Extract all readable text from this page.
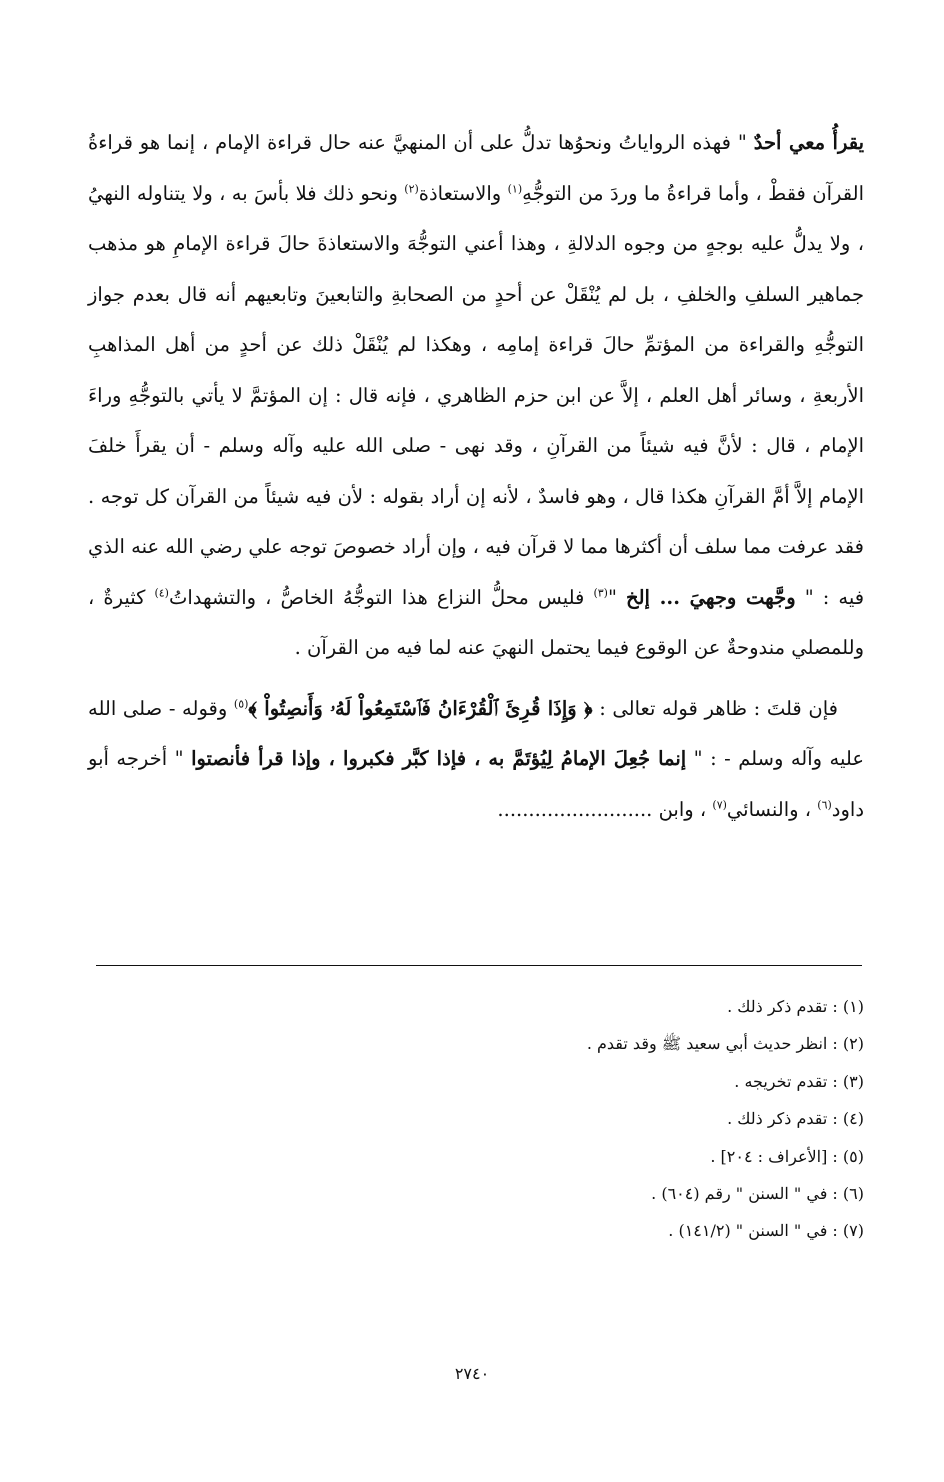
يقرأُ معي أحدٌ " فهذه الرواياتُ ونحوُها تدلُّ على أن المنهيَّ عنه حال قراءة الإمام ، إنما هو قراءةُ القرآن فقطْ ، وأما قراءةُ ما وردَ من التوجُّهِ$^{(١)}$ والاستعاذة$^{(٢)}$ ونحو ذلك فلا بأسَ به ، ولا يتناوله النهيُ ، ولا يدلُّ عليه بوجهٍ من وجوه الدلالةِ ، وهذا أعني التوجُّهَ والاستعاذةَ حالَ قراءة الإمامِ هو مذهب جماهير السلفِ والخلفِ ، بل لم يُنْقَلْ عن أحدٍ من الصحابةِ والتابعينَ وتابعيهم أنه قال بعدم جواز التوجُّهِ والقراءة من المؤتمِّ حالَ قراءة إمامِه ، وهكذا لم يُنْقَلْ ذلك عن أحدٍ من أهل المذاهبِ الأربعةِ ، وسائر أهل العلم ، إلاَّ عن ابن حزم الظاهري ، فإنه قال : إن المؤتمَّ لا يأتي بالتوجُّهِ وراءَ الإمام ، قال : لأنَّ فيه شيئاً من القرآنِ ، وقد نهى - صلى الله عليه وآله وسلم - أن يقرأَ خلفَ الإمام إلاَّ أمَّ القرآنِ هكذا قال ، وهو فاسدٌ ، لأنه إن أراد بقوله : لأن فيه شيئاً من القرآن كل توجه . فقد عرفت مما سلف أن أكثرها مما لا قرآن فيه ، وإن أراد خصوصَ توجه علي رضي الله عنه الذي فيه : " وجَّهت وجهيَ ... إلخ "$^{(٣)}$ فليس محلُّ النزاع هذا التوجُّهُ الخاصُّ ، والتشهداتُ$^{(٤)}$ كثيرةٌ ، وللمصلي مندوحةٌ عن الوقوع فيما يحتمل النهيَ عنه لما فيه من القرآن .

فإن قلتَ : ظاهر قوله تعالى : ﴿ وَإِذَا قُرِئَ ٱلْقُرْءَانُ فَٱسْتَمِعُواْ لَهُۥ وَأَنصِتُواْ ﴾$^{(٥)}$ وقوله - صلى الله عليه وآله وسلم - : " إنما جُعِلَ الإمامُ لِيُؤتَمَّ به ، فإذا كبَّر فكبروا ، وإذا قرأ فأنصتوا " أخرجه أبو داود$^{(٦)}$ ، والنسائي$^{(٧)}$ ، وابن .........................

(١) : تقدم ذكر ذلك .

(٢) : انظر حديث أبي سعيد ﷺ وقد تقدم .

(٣) : تقدم تخريجه .

(٤) : تقدم ذكر ذلك .

(٥) : [الأعراف : ٢٠٤] .

(٦) : في " السنن " رقم (٦٠٤) .

(٧) : في " السنن " (١٤١/٢) .

٢٧٤٠
